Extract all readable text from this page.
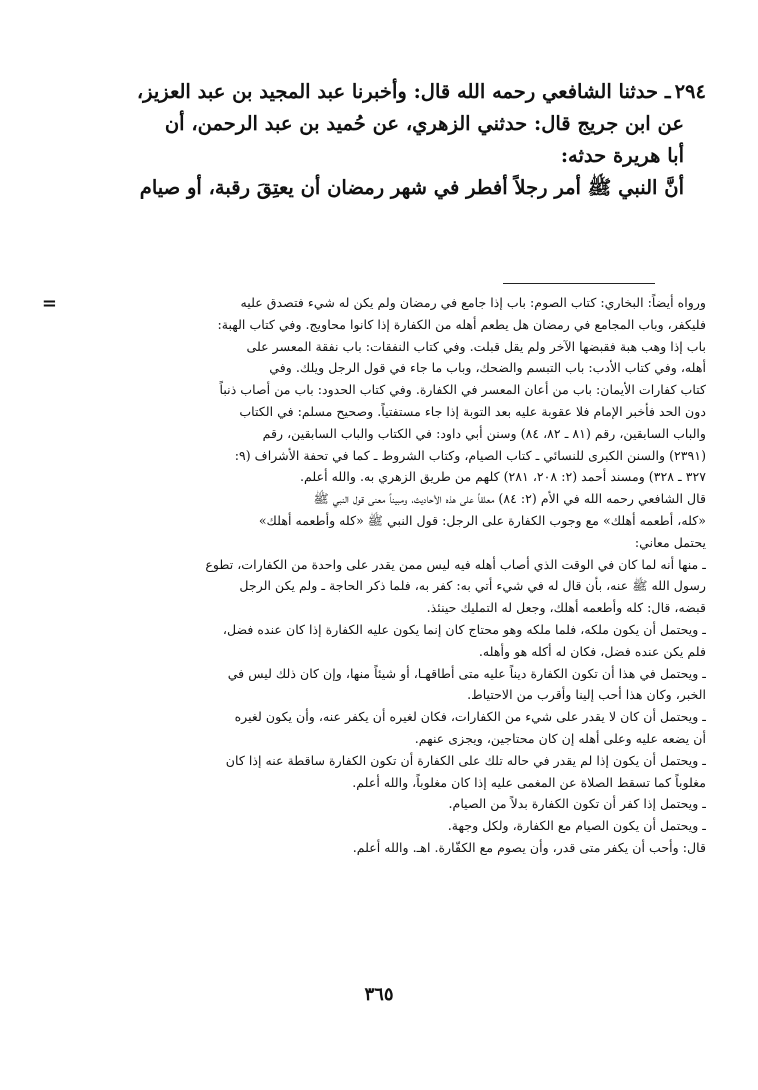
٢٩٤ـ حدثنا الشافعي رحمه الله قال: وأخبرنا عبد المجيد بن عبد العزيز،
عن ابن جريج قال: حدثني الزهري، عن حُميد بن عبد الرحمن، أن
أبا هريرة حدثه:
أنَّ النبي ﷺ أمر رجلاً أفطر في شهر رمضان أن يعتِقَ رقبة، أو صيام
=	ورواه أيضاً: البخاري: كتاب الصوم: باب إذا جامع في رمضان ولم يكن له شيء فتصدق عليه
فليكفر، وباب المجامع في رمضان هل يطعم أهله من الكفارة إذا كانوا محاويج. وفي كتاب الهبة:
باب إذا وهب هبة فقبضها الآخر ولم يقل قبلت. وفي كتاب النفقات: باب نفقة المعسر على
أهله، وفي كتاب الأدب: باب التبسم والضحك، وباب ما جاء في قول الرجل ويلك. وفي
كتاب كفارات الأيمان: باب من أعان المعسر في الكفارة. وفي كتاب الحدود: باب من أصاب ذنباً
دون الحد فأخبر الإمام فلا عقوبة عليه بعد التوبة إذا جاء مستفتياً. وصحيح مسلم: في الكتاب
والباب السابقين، رقم (٨١ ـ ٨٢، ٨٤) وسنن أبي داود: في الكتاب والباب السابقين، رقم
(٢٣٩١) والسنن الكبرى للنسائي ـ كتاب الصيام، وكتاب الشروط ـ كما في تحفة الأشراف (٩:
٣٢٧ ـ ٣٢٨) ومسند أحمد (٢: ٢٠٨، ٢٨١) كلهم من طريق الزهري به. والله أعلم.
قال الشافعي رحمه الله في الأم (٢: ٨٤) معلقاً على هذه الأحاديث، ومبيناً معنى قول النبي ﷺ
«كله، أطعمه أهلك» مع وجوب الكفارة على الرجل: قول النبي ﷺ «كله وأطعمه أهلك»
يحتمل معاني:
ـ منها أنه لما كان في الوقت الذي أصاب أهله فيه ليس ممن يقدر على واحدة من الكفارات، تطوع
رسول الله ﷺ عنه، بأن قال له في شيء أتي به: كفر به، فلما ذكر الحاجة ـ ولم يكن الرجل
قبضه، قال: كله وأطعمه أهلك، وجعل له التمليك حينئذ.
ـ ويحتمل أن يكون ملكه، فلما ملكه وهو محتاج كان إنما يكون عليه الكفارة إذا كان عنده فضل،
فلم يكن عنده فضل، فكان له أكله هو وأهله.
ـ ويحتمل في هذا أن تكون الكفارة ديناً عليه متى أطاقهـا، أو شيئاً منها، وإن كان ذلك ليس في
الخبر، وكان هذا أحب إلينا وأقرب من الاحتياط.
ـ ويحتمل أن كان لا يقدر على شيء من الكفارات، فكان لغيره أن يكفر عنه، وأن يكون لغيره
أن يضعه عليه وعلى أهله إن كان محتاجين، ويجزى عنهم.
ـ ويحتمل أن يكون إذا لم يقدر في حاله تلك على الكفارة أن تكون الكفارة ساقطة عنه إذا كان
مغلوباً كما تسقط الصلاة عن المغمى عليه إذا كان مغلوباً، والله أعلم.
ـ ويحتمل إذا كفر أن تكون الكفارة بدلاً من الصيام.
ـ ويحتمل أن يكون الصيام مع الكفارة، ولكل وجهة.
قال: وأحب أن يكفر متى قدر، وأن يصوم مع الكفّارة. اهـ. والله أعلم.
٣٦٥
